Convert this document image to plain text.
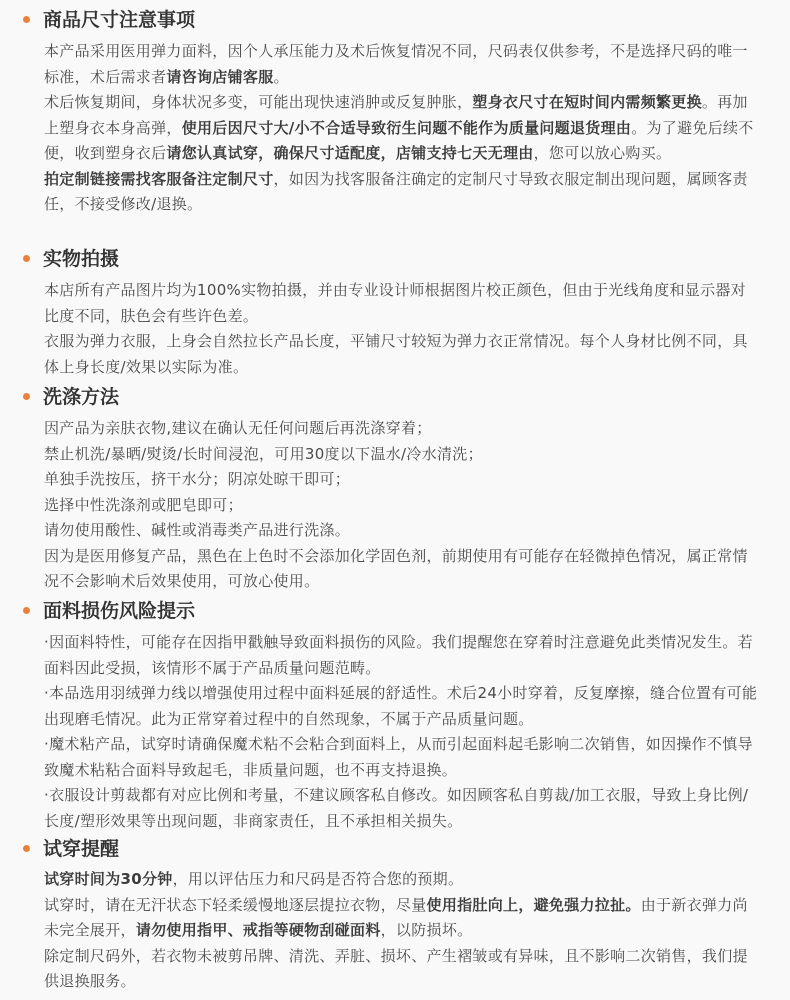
商品尺寸注意事项

本产品采用医用弹力面料，因个人承压能力及术后恢复情况不同，尺码表仅供参考，不是选择尺码的唯一标准，术后需求者请咨询店铺客服。

术后恢复期间，身体状况多变，可能出现快速消肿或反复肿胀，塑身衣尺寸在短时间内需频繁更换。再加上塑身衣本身高弹，使用后因尺寸大/小不合适导致衍生问题不能作为质量问题退货理由。为了避免后续不便，收到塑身衣后请您认真试穿，确保尺寸适配度，店铺支持七天无理由，您可以放心购买。

拍定制链接需找客服备注定制尺寸，如因为找客服备注确定的定制尺寸导致衣服定制出现问题，属顾客责任，不接受修改/退换。

实物拍摄

本店所有产品图片均为100%实物拍摄，并由专业设计师根据图片校正颜色，但由于光线角度和显示器对比度不同，肤色会有些许色差。

衣服为弹力衣服，上身会自然拉长产品长度，平铺尺寸较短为弹力衣正常情况。每个人身材比例不同，具体上身长度/效果以实际为准。

洗涤方法

因产品为亲肤衣物,建议在确认无任何问题后再洗涤穿着；

禁止机洗/暴晒/熨烫/长时间浸泡，可用30度以下温水/冷水清洗；

单独手洗按压，挤干水分；阴凉处晾干即可；

选择中性洗涤剂或肥皂即可；

请勿使用酸性、碱性或消毒类产品进行洗涤。

因为是医用修复产品，黑色在上色时不会添加化学固色剂，前期使用有可能存在轻微掉色情况，属正常情况不会影响术后效果使用，可放心使用。

面料损伤风险提示

·因面料特性，可能存在因指甲戳触导致面料损伤的风险。我们提醒您在穿着时注意避免此类情况发生。若面料因此受损，该情形不属于产品质量问题范畴。

·本品选用羽绒弹力线以增强使用过程中面料延展的舒适性。术后24小时穿着，反复摩擦，缝合位置有可能出现磨毛情况。此为正常穿着过程中的自然现象，不属于产品质量问题。

·魔术粘产品，试穿时请确保魔术粘不会粘合到面料上，从而引起面料起毛影响二次销售，如因操作不慎导致魔术粘粘合面料导致起毛，非质量问题，也不再支持退换。

·衣服设计剪裁都有对应比例和考量，不建议顾客私自修改。如因顾客私自剪裁/加工衣服，导致上身比例/长度/塑形效果等出现问题，非商家责任，且不承担相关损失。

试穿提醒

试穿时间为30分钟，用以评估压力和尺码是否符合您的预期。

试穿时，请在无汗状态下轻柔缓慢地逐层提拉衣物，尽量使用指肚向上，避免强力拉扯。由于新衣弹力尚未完全展开，请勿使用指甲、戒指等硬物刮碰面料，以防损坏。

除定制尺码外，若衣物未被剪吊牌、清洗、弄脏、损坏、产生褶皱或有异味，且不影响二次销售，我们提供退换服务。
